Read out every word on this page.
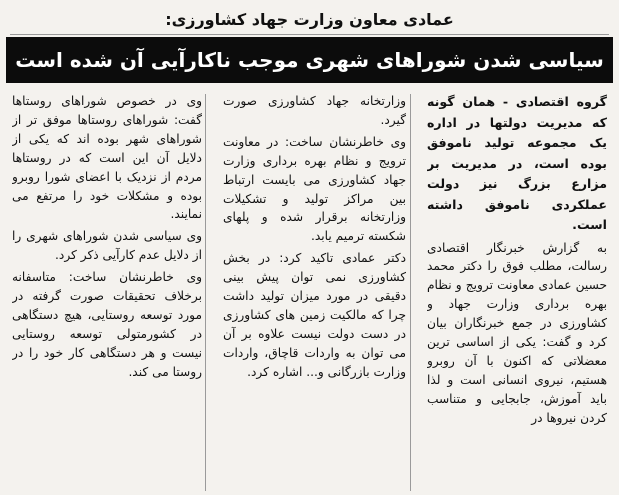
عمادی معاون وزارت جهاد کشاورزی:
سیاسی شدن شوراهای شهری موجب ناکارآیی آن شده است

گروه اقتصادی - همان گونه که مدیریت دولتها در اداره یک مجموعه تولید ناموفق بوده است، در مدیریت بر مزارع بزرگ نیز دولت عملکردی ناموفق داشته است.

به گزارش خبرنگار اقتصادی رسالت، مطلب فوق را دکتر محمد حسین عمادی معاونت ترویج و نظام بهره برداری وزارت جهاد و کشاورزی در جمع خبرنگاران بیان کرد و گفت: یکی از اساسی ترین معضلاتی که اکنون با آن روبرو هستیم، نیروی انسانی است و لذا باید آموزش، جابجایی و متناسب کردن نیروها در

وزارتخانه جهاد کشاورزی صورت گیرد.

وی خاطرنشان ساخت: در معاونت ترویج و نظام بهره برداری وزارت جهاد کشاورزی می بایست ارتباط بین مراکز تولید و تشکیلات وزارتخانه برقرار شده و پلهای شکسته ترمیم یابد.

دکتر عمادی تاکید کرد: در بخش کشاورزی نمی توان پیش بینی دقیقی در مورد میزان تولید داشت چرا که مالکیت زمین های کشاورزی در دست دولت نیست علاوه بر آن می توان به واردات قاچاق، واردات وزارت بازرگانی و... اشاره کرد.

وی در خصوص شوراهای روستاها گفت: شوراهای روستاها موفق تر از شوراهای شهر بوده اند که یکی از دلایل آن این است که در روستاها مردم از نزدیک با اعضای شورا روبرو بوده و مشکلات خود را مرتفع می نمایند.

وی سیاسی شدن شوراهای شهری را از دلایل عدم کارآیی ذکر کرد.

وی خاطرنشان ساخت: متاسفانه برخلاف تحقیقات صورت گرفته در مورد توسعه روستایی، هیچ دستگاهی در کشورمتولی توسعه روستایی نیست و هر دستگاهی کار خود را در روستا می کند.
